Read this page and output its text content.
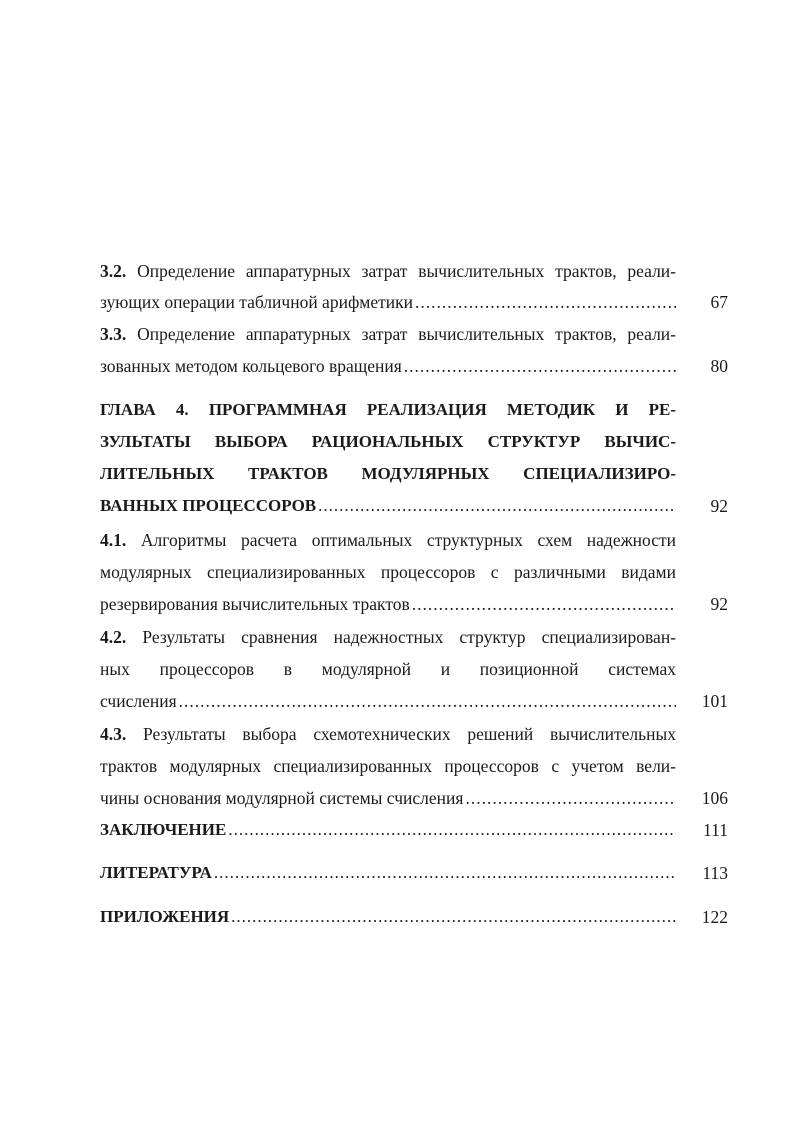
3.2. Определение аппаратурных затрат вычислительных трактов, реали-
зующих операции табличной арифметики .....	67
3.3. Определение аппаратурных затрат вычислительных трактов, реали-
зованных методом кольцевого вращения .....	80
ГЛАВА 4. ПРОГРАММНАЯ РЕАЛИЗАЦИЯ МЕТОДИК И РЕ-
ЗУЛЬТАТЫ ВЫБОРА РАЦИОНАЛЬНЫХ СТРУКТУР ВЫЧИС-
ЛИТЕЛЬНЫХ ТРАКТОВ МОДУЛЯРНЫХ СПЕЦИАЛИЗИРО-
ВАННЫХ ПРОЦЕССОРОВ .....	92
4.1. Алгоритмы расчета оптимальных структурных схем надежности
модулярных специализированных процессоров с различными видами
резервирования вычислительных трактов .....	92
4.2. Результаты сравнения надежностных структур специализирован-
ных процессоров в модулярной и позиционной системах
счисления .....	101
4.3. Результаты выбора схемотехнических решений вычислительных
трактов модулярных специализированных процессоров с учетом вели-
чины основания модулярной системы счисления .....	106
ЗАКЛЮЧЕНИЕ .....	111
ЛИТЕРАТУРА .....	113
ПРИЛОЖЕНИЯ .....	122
